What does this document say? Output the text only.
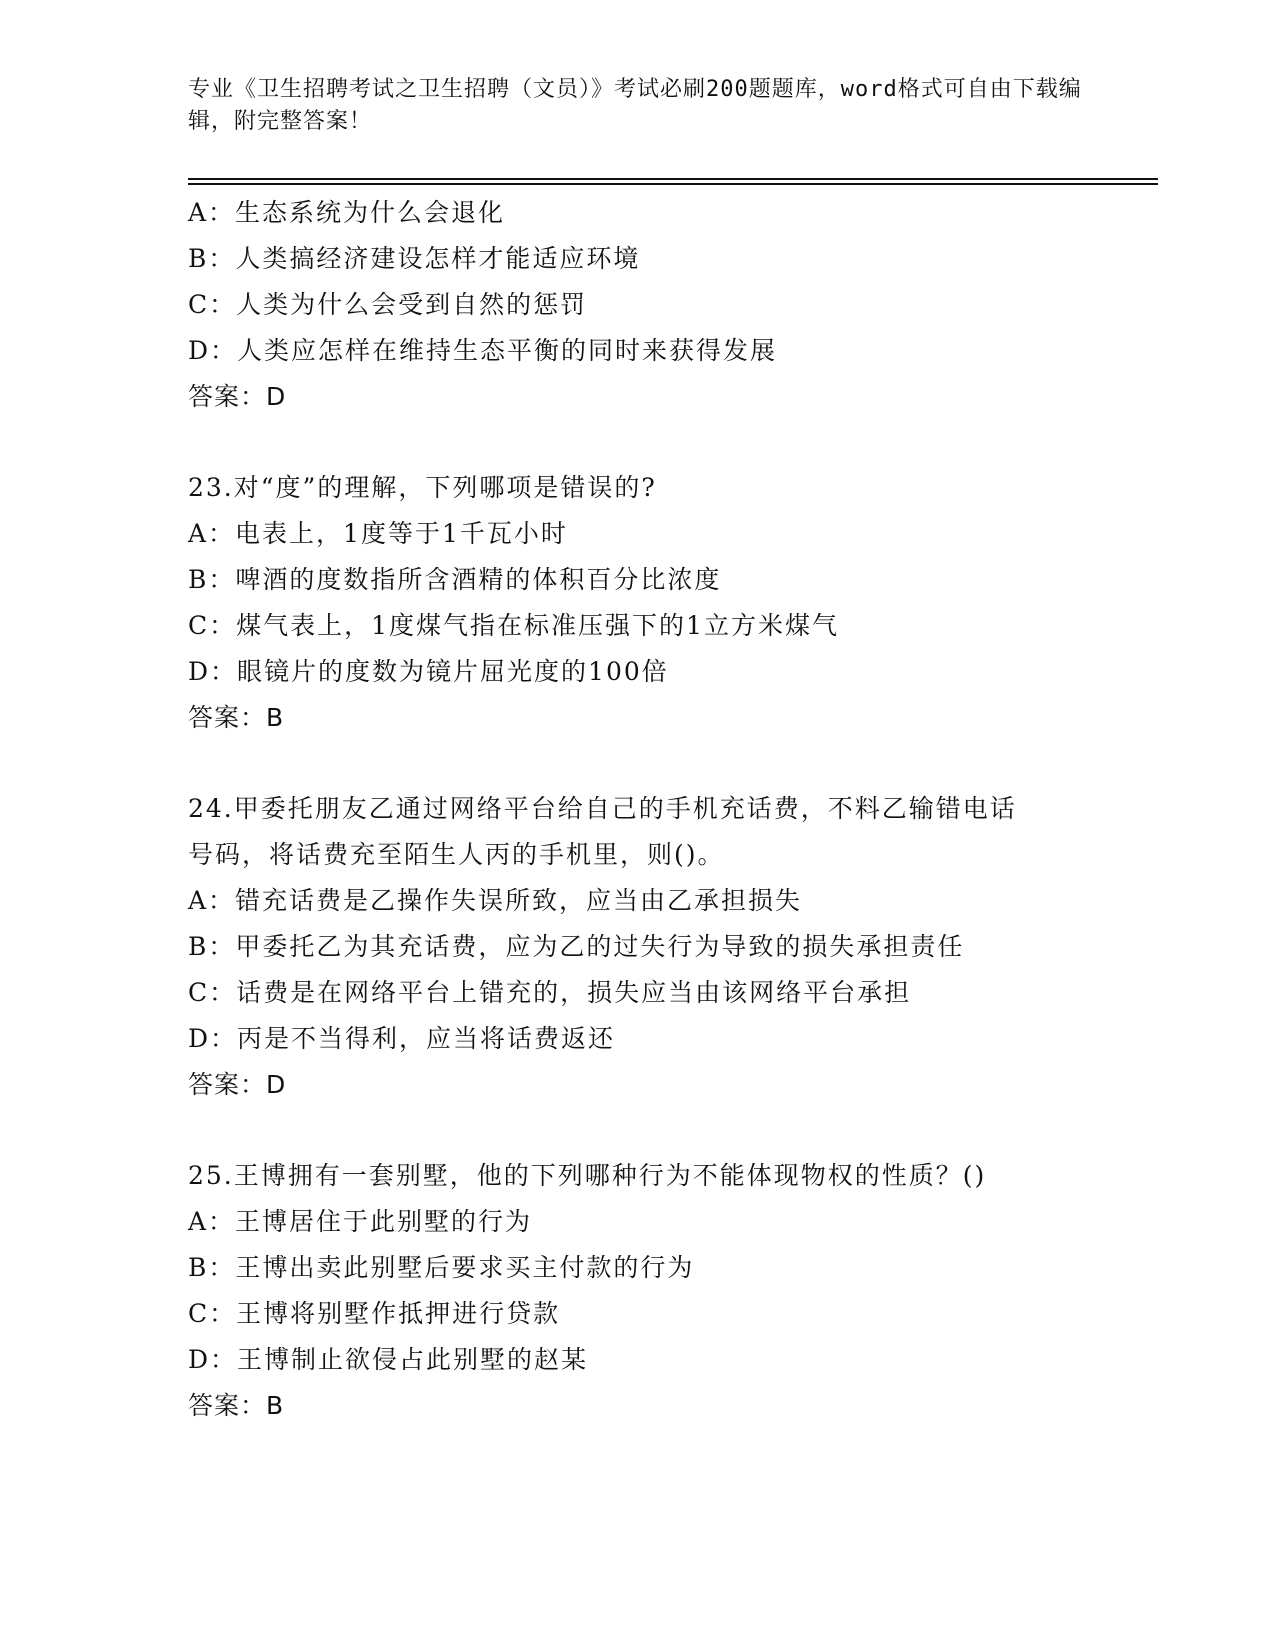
专业《卫生招聘考试之卫生招聘（文员）》考试必刷200题题库，word格式可自由下载编辑，附完整答案！
A：生态系统为什么会退化
B：人类搞经济建设怎样才能适应环境
C：人类为什么会受到自然的惩罚
D：人类应怎样在维持生态平衡的同时来获得发展
答案：D
23.对“度”的理解，下列哪项是错误的?
A：电表上，1度等于1千瓦小时
B：啤酒的度数指所含酒精的体积百分比浓度
C：煤气表上，1度煤气指在标准压强下的1立方米煤气
D：眼镜片的度数为镜片屈光度的100倍
答案：B
24.甲委托朋友乙通过网络平台给自己的手机充话费，不料乙输错电话号码，将话费充至陌生人丙的手机里，则()。
A：错充话费是乙操作失误所致，应当由乙承担损失
B：甲委托乙为其充话费，应为乙的过失行为导致的损失承担责任
C：话费是在网络平台上错充的，损失应当由该网络平台承担
D：丙是不当得利，应当将话费返还
答案：D
25.王博拥有一套别墅，他的下列哪种行为不能体现物权的性质？()
A：王博居住于此别墅的行为
B：王博出卖此别墅后要求买主付款的行为
C：王博将别墅作抵押进行贷款
D：王博制止欲侵占此别墅的赵某
答案：B
